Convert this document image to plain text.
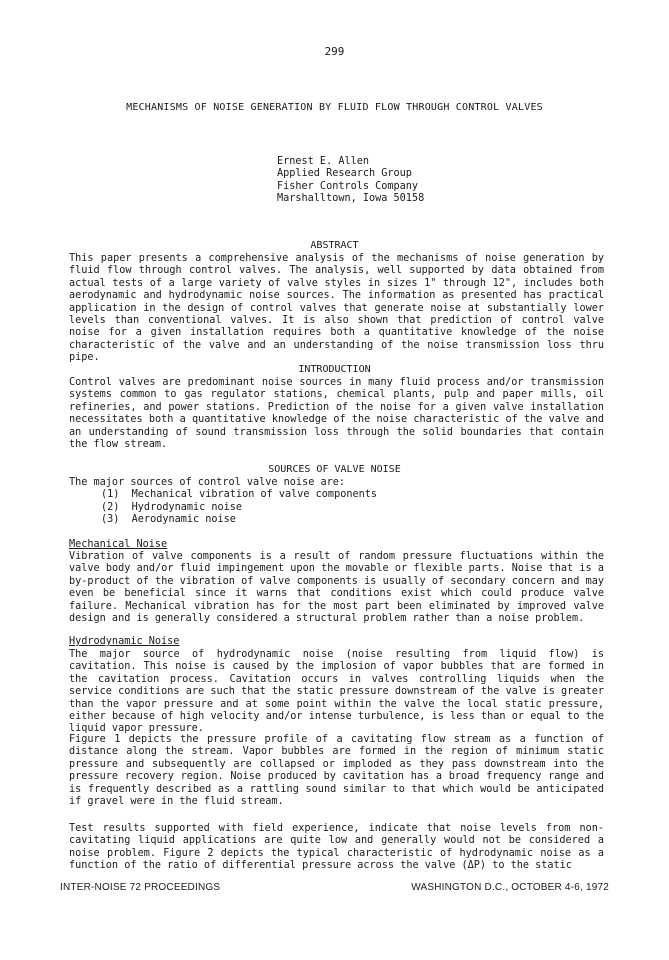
299
MECHANISMS OF NOISE GENERATION BY FLUID FLOW THROUGH CONTROL VALVES
Ernest E. Allen
Applied Research Group
Fisher Controls Company
Marshalltown, Iowa 50158
ABSTRACT

This paper presents a comprehensive analysis of the mechanisms of noise generation by fluid flow through control valves. The analysis, well supported by data obtained from actual tests of a large variety of valve styles in sizes 1" through 12", includes both aerodynamic and hydrodynamic noise sources. The information as presented has practical application in the design of control valves that generate noise at substantially lower levels than conventional valves. It is also shown that prediction of control valve noise for a given installation requires both a quantitative knowledge of the noise characteristic of the valve and an understanding of the noise transmission loss thru pipe.

INTRODUCTION

Control valves are predominant noise sources in many fluid process and/or transmission systems common to gas regulator stations, chemical plants, pulp and paper mills, oil refineries, and power stations. Prediction of the noise for a given valve installation necessitates both a quantitative knowledge of the noise characteristic of the valve and an understanding of sound transmission loss through the solid boundaries that contain the flow stream.

SOURCES OF VALVE NOISE
The major sources of control valve noise are:
(1)  Mechanical vibration of valve components
(2)  Hydrodynamic noise
(3)  Aerodynamic noise
Mechanical Noise

Vibration of valve components is a result of random pressure fluctuations within the valve body and/or fluid impingement upon the movable or flexible parts. Noise that is a by-product of the vibration of valve components is usually of secondary concern and may even be beneficial since it warns that conditions exist which could produce valve failure. Mechanical vibration has for the most part been eliminated by improved valve design and is generally considered a structural problem rather than a noise problem.

Hydrodynamic Noise

The major source of hydrodynamic noise (noise resulting from liquid flow) is cavitation. This noise is caused by the implosion of vapor bubbles that are formed in the cavitation process. Cavitation occurs in valves controlling liquids when the service conditions are such that the static pressure downstream of the valve is greater than the vapor pressure and at some point within the valve the local static pressure, either because of high velocity and/or intense turbulence, is less than or equal to the liquid vapor pressure.

Figure 1 depicts the pressure profile of a cavitating flow stream as a function of distance along the stream. Vapor bubbles are formed in the region of minimum static pressure and subsequently are collapsed or imploded as they pass downstream into the pressure recovery region. Noise produced by cavitation has a broad frequency range and is frequently described as a rattling sound similar to that which would be anticipated if gravel were in the fluid stream.

Test results supported with field experience, indicate that noise levels from non-cavitating liquid applications are quite low and generally would not be considered a noise problem. Figure 2 depicts the typical characteristic of hydrodynamic noise as a function of the ratio of differential pressure across the valve (ΔP) to the static

INTER-NOISE 72 PROCEEDINGS	WASHINGTON D.C., OCTOBER 4-6, 1972
